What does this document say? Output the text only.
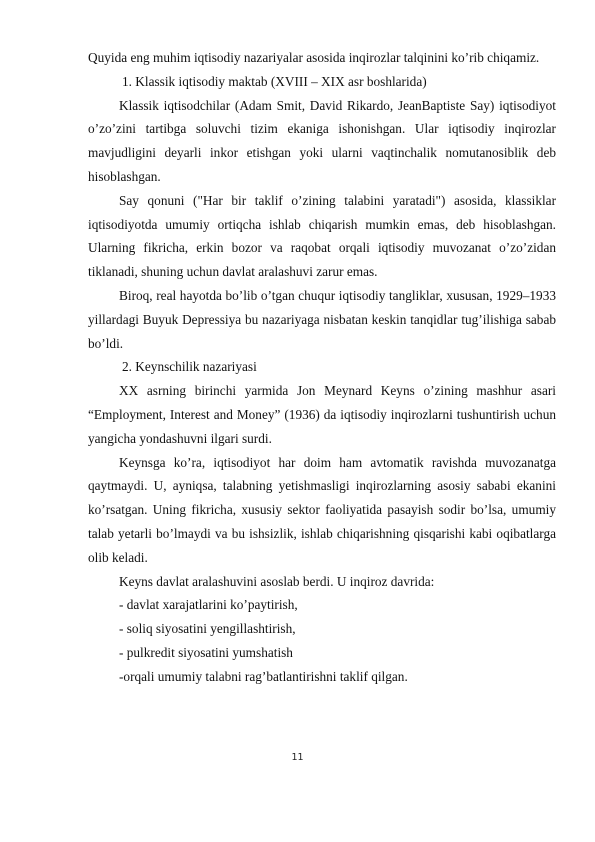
Quyida eng muhim iqtisodiy nazariyalar asosida inqirozlar talqinini ko’rib chiqamiz.

1. Klassik iqtisodiy maktab (XVIII – XIX asr boshlarida)

Klassik iqtisodchilar (Adam Smit, David Rikardo, JeanBaptiste Say) iqtisodiyot o’zo’zini tartibga soluvchi tizim ekaniga ishonishgan. Ular iqtisodiy inqirozlar mavjudligini deyarli inkor etishgan yoki ularni vaqtinchalik nomutanosiblik deb hisoblashgan.

Say qonuni ("Har bir taklif o’zining talabini yaratadi") asosida, klassiklar iqtisodiyotda umumiy ortiqcha ishlab chiqarish mumkin emas, deb hisoblashgan. Ularning fikricha, erkin bozor va raqobat orqali iqtisodiy muvozanat o’zo’zidan tiklanadi, shuning uchun davlat aralashuvi zarur emas.

Biroq, real hayotda bo’lib o’tgan chuqur iqtisodiy tangliklar, xususan, 1929–1933 yillardagi Buyuk Depressiya bu nazariyaga nisbatan keskin tanqidlar tug’ilishiga sabab bo’ldi.

2. Keynschilik nazariyasi

XX asrning birinchi yarmida Jon Meynard Keyns o’zining mashhur asari “Employment, Interest and Money” (1936) da iqtisodiy inqirozlarni tushuntirish uchun yangicha yondashuvni ilgari surdi.

Keynsga ko’ra, iqtisodiyot har doim ham avtomatik ravishda muvozanatga qaytmaydi. U, ayniqsa, talabning yetishmasligi inqirozlarning asosiy sababi ekanini ko’rsatgan. Uning fikricha, xususiy sektor faoliyatida pasayish sodir bo’lsa, umumiy talab yetarli bo’lmaydi va bu ishsizlik, ishlab chiqarishning qisqarishi kabi oqibatlarga olib keladi.

Keyns davlat aralashuvini asoslab berdi. U inqiroz davrida:

- davlat xarajatlarini ko’paytirish,

- soliq siyosatini yengillashtirish,

- pulkredit siyosatini yumshatish

-orqali umumiy talabni rag’batlantirishni taklif qilgan.

11
